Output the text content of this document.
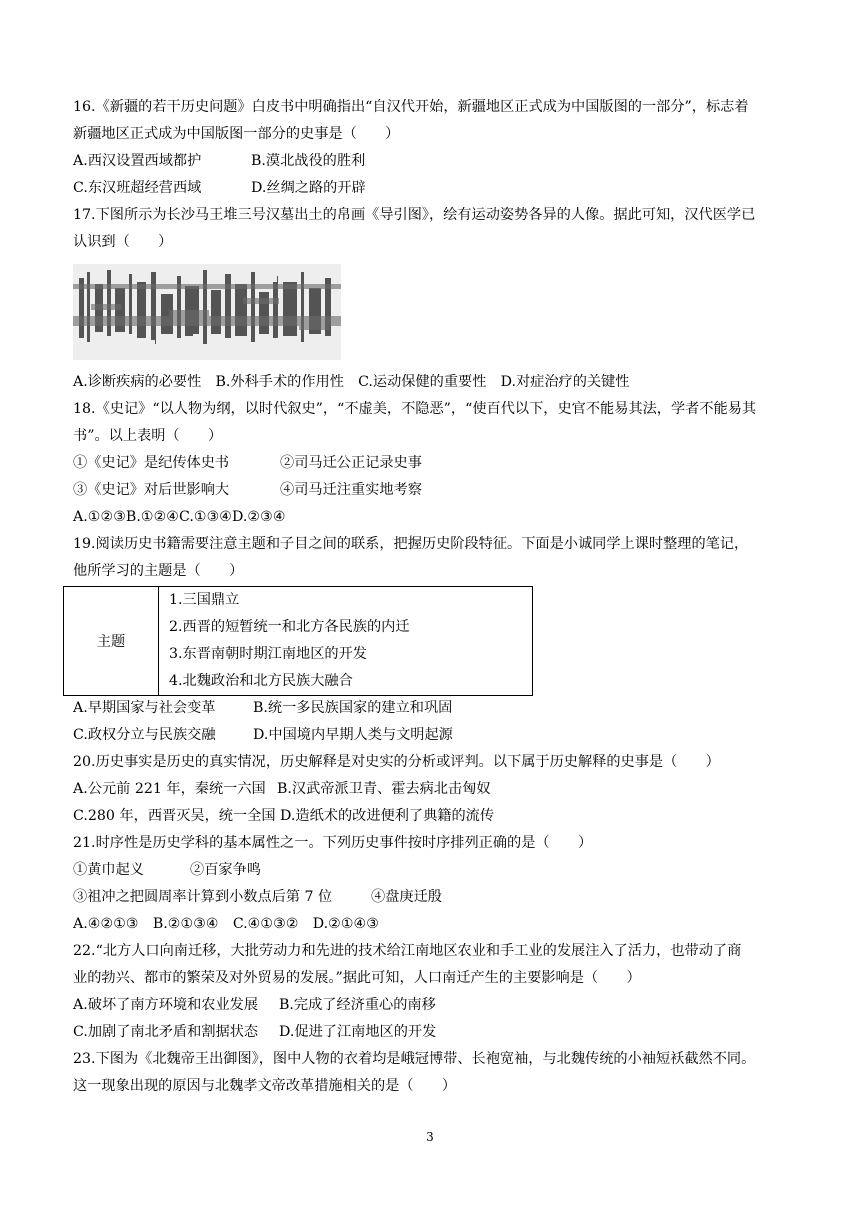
16.《新疆的若干历史问题》白皮书中明确指出“自汉代开始，新疆地区正式成为中国版图的一部分”，标志着
新疆地区正式成为中国版图一部分的史事是（　　）
A.西汉设置西域都护	B.漠北战役的胜利
C.东汉班超经营西域	D.丝绸之路的开辟
17.下图所示为长沙马王堆三号汉墓出土的帛画《导引图》，绘有运动姿势各异的人像。据此可知，汉代医学已
认识到（　　）
A.诊断疾病的必要性　B.外科手术的作用性　C.运动保健的重要性　D.对症治疗的关键性
18.《史记》“以人物为纲，以时代叙史”，“不虚美，不隐恶”，“使百代以下，史官不能易其法，学者不能易其
书”。以上表明（　　）
①《史记》是纪传体史书	②司马迁公正记录史事
③《史记》对后世影响大	④司马迁注重实地考察
A.①②③B.①②④C.①③④D.②③④
19.阅读历史书籍需要注意主题和子目之间的联系，把握历史阶段特征。下面是小诚同学上课时整理的笔记，
他所学习的主题是（　　）
主题	
1.三国鼎立
2.西晋的短暂统一和北方各民族的内迁
3.东晋南朝时期江南地区的开发
4.北魏政治和北方民族大融合
A.早期国家与社会变革	B.统一多民族国家的建立和巩固
C.政权分立与民族交融	D.中国境内早期人类与文明起源
20.历史事实是历史的真实情况，历史解释是对史实的分析或评判。以下属于历史解释的史事是（　　）
A.公元前 221 年，秦统一六国 B.汉武帝派卫青、霍去病北击匈奴
C.280 年，西晋灭吴，统一全国 D.造纸术的改进便利了典籍的流传
21.时序性是历史学科的基本属性之一。下列历史事件按时序排列正确的是（　　）
①黄巾起义	②百家争鸣
③祖冲之把圆周率计算到小数点后第 7 位	④盘庚迁殷
A.④②①③　B.②①③④　C.④①③②　D.②①④③
22.“北方人口向南迁移，大批劳动力和先进的技术给江南地区农业和手工业的发展注入了活力，也带动了商
业的勃兴、都市的繁荣及对外贸易的发展。”据此可知，人口南迁产生的主要影响是（　　）
A.破坏了南方环境和农业发展 B.完成了经济重心的南移
C.加剧了南北矛盾和割据状态 D.促进了江南地区的开发
23.下图为《北魏帝王出御图》，图中人物的衣着均是峨冠博带、长袍宽袖，与北魏传统的小袖短袄截然不同。
这一现象出现的原因与北魏孝文帝改革措施相关的是（　　）
3
